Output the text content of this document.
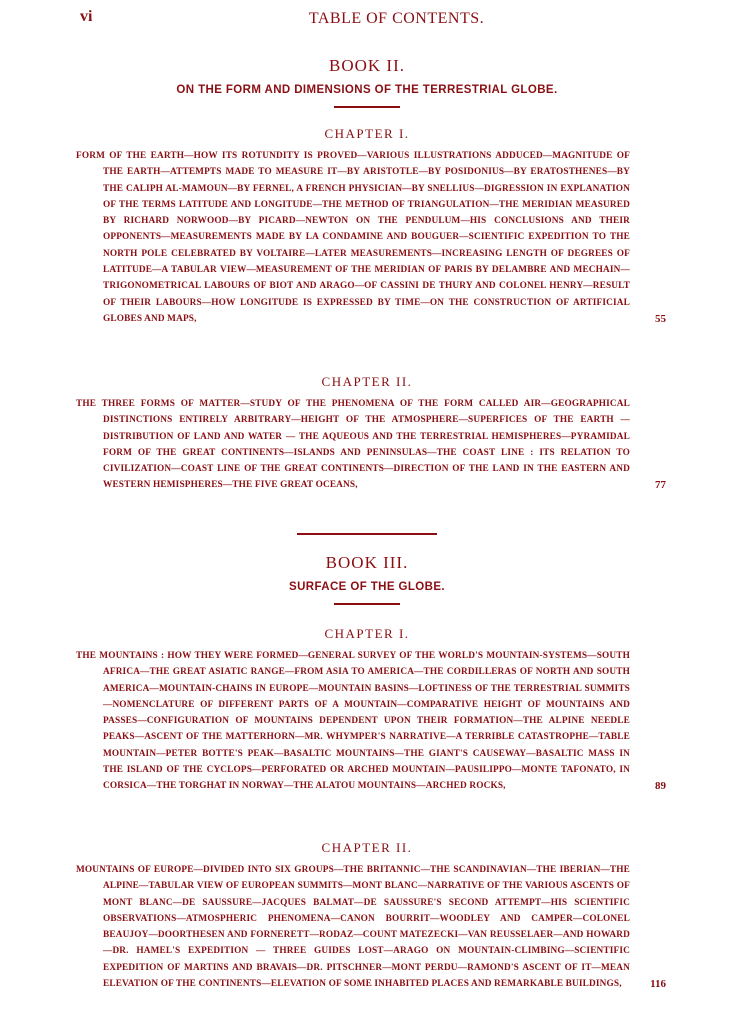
vi	TABLE OF CONTENTS.
BOOK II.
ON THE FORM AND DIMENSIONS OF THE TERRESTRIAL GLOBE.
CHAPTER I.
FORM OF THE EARTH—HOW ITS ROTUNDITY IS PROVED—VARIOUS ILLUSTRATIONS ADDUCED—MAGNITUDE OF THE EARTH—ATTEMPTS MADE TO MEASURE IT—BY ARISTOTLE—BY POSIDONIUS—BY ERATOSTHENES—BY THE CALIPH AL-MAMOUN—BY FERNEL, A FRENCH PHYSICIAN—BY SNELLIUS—DIGRESSION IN EXPLANATION OF THE TERMS LATITUDE AND LONGITUDE—THE METHOD OF TRIANGULATION—THE MERIDIAN MEASURED BY RICHARD NORWOOD—BY PICARD—NEWTON ON THE PENDULUM—HIS CONCLUSIONS AND THEIR OPPONENTS—MEASUREMENTS MADE BY LA CONDAMINE AND BOUGUER—SCIENTIFIC EXPEDITION TO THE NORTH POLE CELEBRATED BY VOLTAIRE—LATER MEASUREMENTS—INCREASING LENGTH OF DEGREES OF LATITUDE—A TABULAR VIEW—MEASUREMENT OF THE MERIDIAN OF PARIS BY DELAMBRE AND MECHAIN—TRIGONOMETRICAL LABOURS OF BIOT AND ARAGO—OF CASSINI DE THURY AND COLONEL HENRY—RESULT OF THEIR LABOURS—HOW LONGITUDE IS EXPRESSED BY TIME—ON THE CONSTRUCTION OF ARTIFICIAL GLOBES AND MAPS,	55
CHAPTER II.
THE THREE FORMS OF MATTER—STUDY OF THE PHENOMENA OF THE FORM CALLED AIR—GEOGRAPHICAL DISTINCTIONS ENTIRELY ARBITRARY—HEIGHT OF THE ATMOSPHERE—SUPERFICES OF THE EARTH — DISTRIBUTION OF LAND AND WATER — THE AQUEOUS AND THE TERRESTRIAL HEMISPHERES—PYRAMIDAL FORM OF THE GREAT CONTINENTS—ISLANDS AND PENINSULAS—THE COAST LINE : ITS RELATION TO CIVILIZATION—COAST LINE OF THE GREAT CONTINENTS—DIRECTION OF THE LAND IN THE EASTERN AND WESTERN HEMISPHERES—THE FIVE GREAT OCEANS,	77
BOOK III.
SURFACE OF THE GLOBE.
CHAPTER I.
THE MOUNTAINS : HOW THEY WERE FORMED—GENERAL SURVEY OF THE WORLD'S MOUNTAIN-SYSTEMS—SOUTH AFRICA—THE GREAT ASIATIC RANGE—FROM ASIA TO AMERICA—THE CORDILLERAS OF NORTH AND SOUTH AMERICA—MOUNTAIN-CHAINS IN EUROPE—MOUNTAIN BASINS—LOFTINESS OF THE TERRESTRIAL SUMMITS—NOMENCLATURE OF DIFFERENT PARTS OF A MOUNTAIN—COMPARATIVE HEIGHT OF MOUNTAINS AND PASSES—CONFIGURATION OF MOUNTAINS DEPENDENT UPON THEIR FORMATION—THE ALPINE NEEDLE PEAKS—ASCENT OF THE MATTERHORN—MR. WHYMPER'S NARRATIVE—A TERRIBLE CATASTROPHE—TABLE MOUNTAIN—PETER BOTTE'S PEAK—BASALTIC MOUNTAINS—THE GIANT'S CAUSEWAY—BASALTIC MASS IN THE ISLAND OF THE CYCLOPS—PERFORATED OR ARCHED MOUNTAIN—PAUSILIPPO—MONTE TAFONATO, IN CORSICA—THE TORGHAT IN NORWAY—THE ALATOU MOUNTAINS—ARCHED ROCKS,	89
CHAPTER II.
MOUNTAINS OF EUROPE—DIVIDED INTO SIX GROUPS—THE BRITANNIC—THE SCANDINAVIAN—THE IBERIAN—THE ALPINE—TABULAR VIEW OF EUROPEAN SUMMITS—MONT BLANC—NARRATIVE OF THE VARIOUS ASCENTS OF MONT BLANC—DE SAUSSURE—JACQUES BALMAT—DE SAUSSURE'S SECOND ATTEMPT—HIS SCIENTIFIC OBSERVATIONS—ATMOSPHERIC PHENOMENA—CANON BOURRIT—WOODLEY AND CAMPER—COLONEL BEAUJOY—DOORTHESEN AND FORNERETT—RODAZ—COUNT MATEZECKI—VAN REUSSELAER—AND HOWARD—DR. HAMEL'S EXPEDITION — THREE GUIDES LOST—ARAGO ON MOUNTAIN-CLIMBING—SCIENTIFIC EXPEDITION OF MARTINS AND BRAVAIS—DR. PITSCHNER—MONT PERDU—RAMOND'S ASCENT OF IT—MEAN ELEVATION OF THE CONTINENTS—ELEVATION OF SOME INHABITED PLACES AND REMARKABLE BUILDINGS,	116
